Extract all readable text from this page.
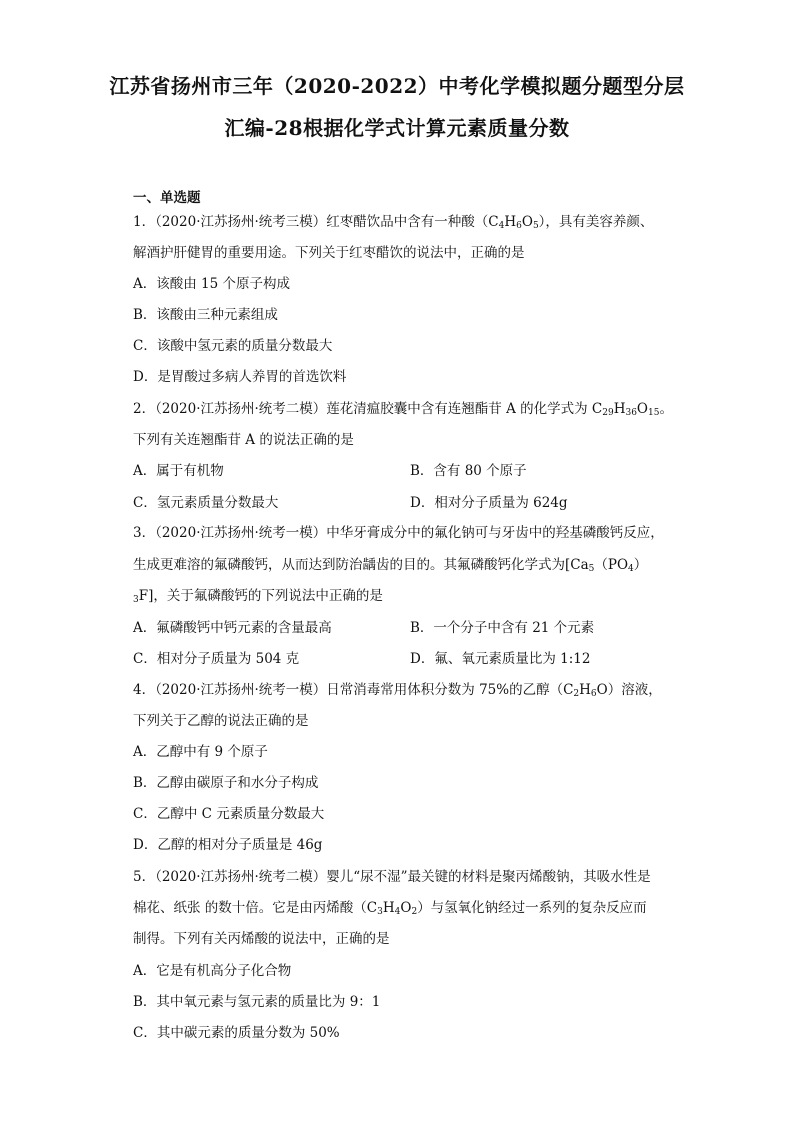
江苏省扬州市三年（2020-2022）中考化学模拟题分题型分层
汇编-28根据化学式计算元素质量分数
一、单选题
1．（2020·江苏扬州·统考三模）红枣醋饮品中含有一种酸$(C_4H_6O_5)$，具有美容养颜、
解酒护肝健胃的重要用途。下列关于红枣醋饮的说法中，正确的是
A．该酸由 15 个原子构成
B．该酸由三种元素组成
C．该酸中氢元素的质量分数最大
D．是胃酸过多病人养胃的首选饮料
2．（2020·江苏扬州·统考二模）莲花清瘟胶囊中含有连翘酯苷 A 的化学式为 $C_{29}H_{36}O_{15}$。
下列有关连翘酯苷 A 的说法正确的是
A．属于有机物	B．含有 80 个原子
C．氢元素质量分数最大	D．相对分子质量为 624g
3．（2020·江苏扬州·统考一模）中华牙膏成分中的氟化钠可与牙齿中的羟基磷酸钙反应，
生成更难溶的氟磷酸钙，从而达到防治龋齿的目的。其氟磷酸钙化学式为[$Ca_5(PO_4)$
$_3$F]，关于氟磷酸钙的下列说法中正确的是
A．氟磷酸钙中钙元素的含量最高	B．一个分子中含有 21 个元素
C．相对分子质量为 504 克	D．氟、氧元素质量比为 1:12
4．（2020·江苏扬州·统考一模）日常消毒常用体积分数为 75%的乙醇$(C_2H_6O)$溶液，
下列关于乙醇的说法正确的是
A．乙醇中有 9 个原子
B．乙醇由碳原子和水分子构成
C．乙醇中 C 元素质量分数最大
D．乙醇的相对分子质量是 46g
5．（2020·江苏扬州·统考二模）婴儿“尿不湿”最关键的材料是聚丙烯酸钠，其吸水性是
棉花、纸张 的数十倍。它是由丙烯酸$(C_3H_4O_2)$与氢氧化钠经过一系列的复杂反应而
制得。下列有关丙烯酸的说法中，正确的是
A．它是有机高分子化合物
B．其中氧元素与氢元素的质量比为 9：1
C．其中碳元素的质量分数为 50%
